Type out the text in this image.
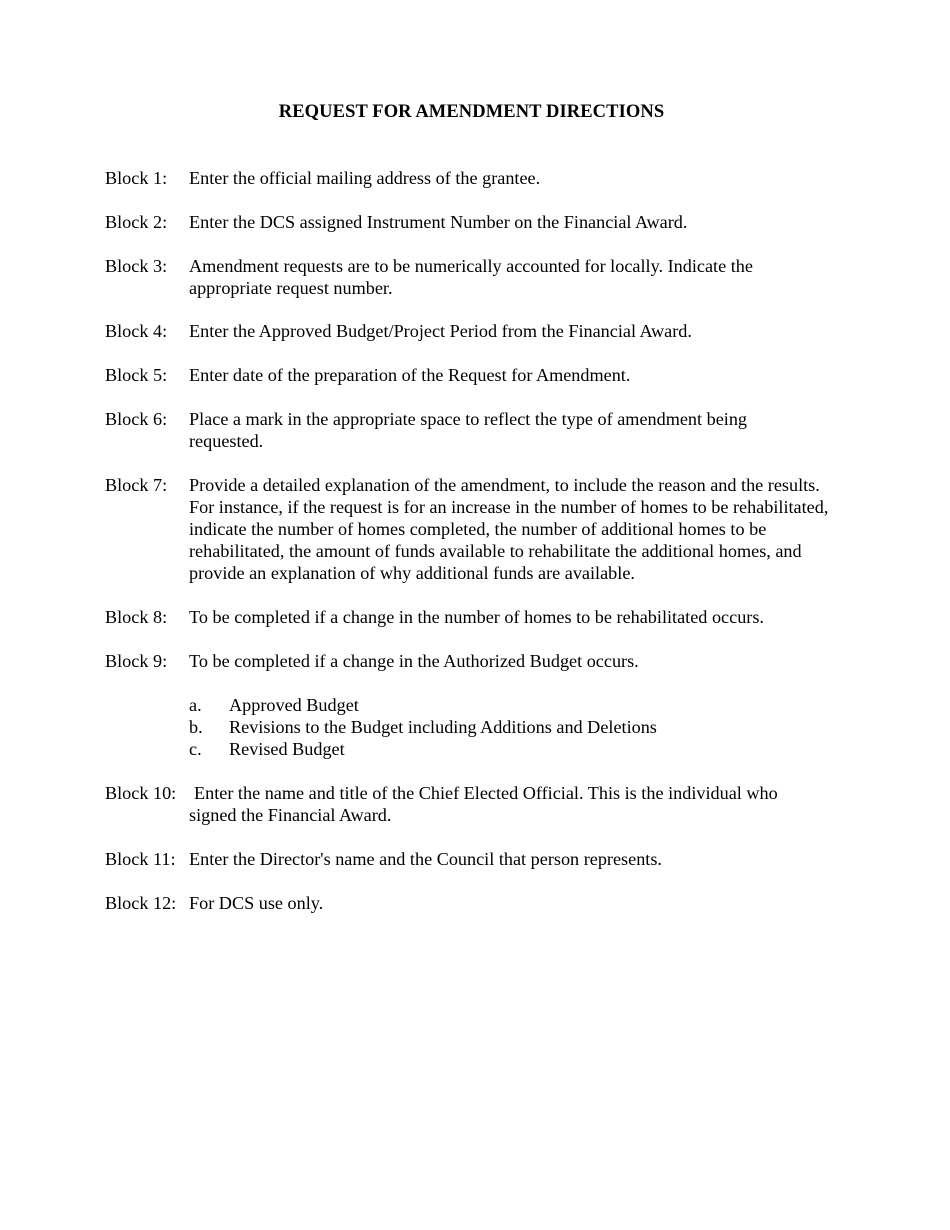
REQUEST FOR AMENDMENT DIRECTIONS
Block 1: Enter the official mailing address of the grantee.
Block 2: Enter the DCS assigned Instrument Number on the Financial Award.
Block 3: Amendment requests are to be numerically accounted for locally. Indicate the appropriate request number.
Block 4: Enter the Approved Budget/Project Period from the Financial Award.
Block 5: Enter date of the preparation of the Request for Amendment.
Block 6: Place a mark in the appropriate space to reflect the type of amendment being requested.
Block 7: Provide a detailed explanation of the amendment, to include the reason and the results. For instance, if the request is for an increase in the number of homes to be rehabilitated, indicate the number of homes completed, the number of additional homes to be rehabilitated, the amount of funds available to rehabilitate the additional homes, and provide an explanation of why additional funds are available.
Block 8: To be completed if a change in the number of homes to be rehabilitated occurs.
Block 9: To be completed if a change in the Authorized Budget occurs.
a. Approved Budget
b. Revisions to the Budget including Additions and Deletions
c. Revised Budget
Block 10: Enter the name and title of the Chief Elected Official. This is the individual who
signed the Financial Award.
Block 11: Enter the Director's name and the Council that person represents.
Block 12: For DCS use only.
